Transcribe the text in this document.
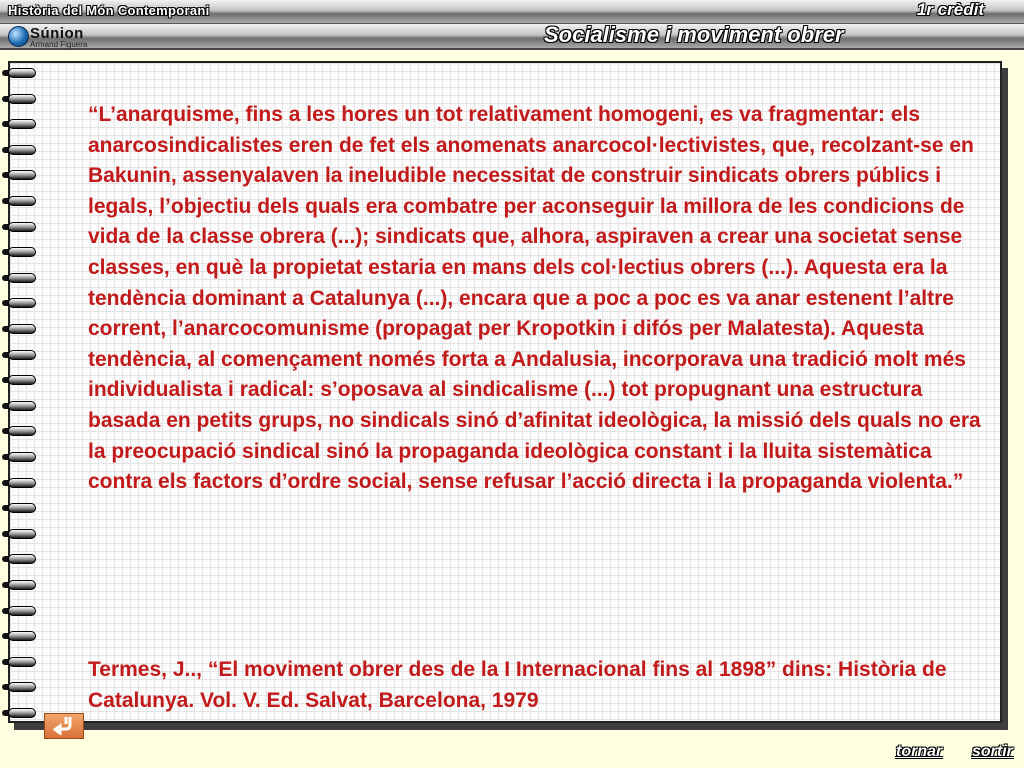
Història del Món Contemporani	1r crèdit
Socialisme i moviment obrer
Súnion
Armand Figuera

“L’anarquisme, fins a les hores un tot relativament homogeni, es va fragmentar: els anarcosindicalistes eren de fet els anomenats anarcocol·lectivistes, que, recolzant-se en Bakunin, assenyalaven la ineludible necessitat de construir sindicats obrers públics i legals, l’objectiu dels quals era combatre per aconseguir la millora de les condicions de vida de la classe obrera (...); sindicats que, alhora, aspiraven a crear una societat sense classes, en què la propietat estaria en mans dels col·lectius obrers (...). Aquesta era la tendència dominant a Catalunya (...), encara que a poc a poc es va anar estenent l’altre corrent, l’anarcocomunisme (propagat per Kropotkin i difós per Malatesta). Aquesta tendència, al començament només forta a Andalusia, incorporava una tradició molt més individualista i radical: s’oposava al sindicalisme (...) tot propugnant una estructura basada en petits grups, no sindicals sinó d’afinitat ideològica, la missió dels quals no era la preocupació sindical sinó la propaganda ideològica constant i la lluita sistemàtica contra els factors d’ordre social, sense refusar l’acció directa i la propaganda violenta.”

Termes, J.., “El moviment obrer des de la I Internacional fins al 1898” dins: Història de Catalunya. Vol. V. Ed. Salvat, Barcelona, 1979

tornar sortir
